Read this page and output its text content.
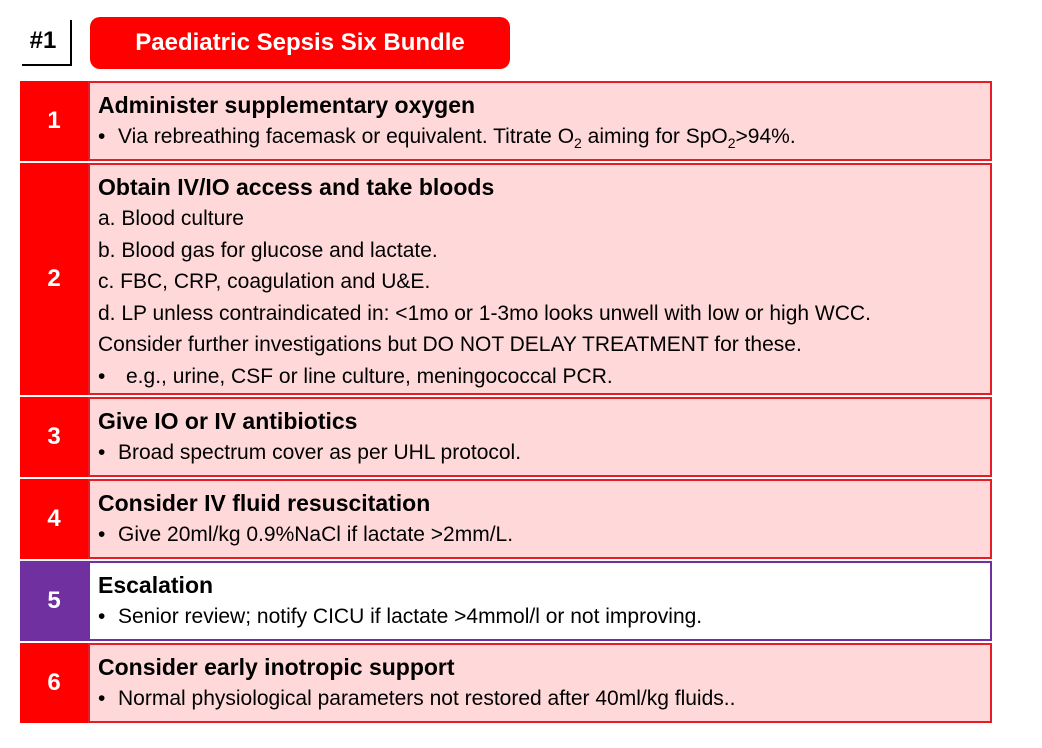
#1	Paediatric Sepsis Six Bundle
1
Administer supplementary oxygen
• Via rebreathing facemask or equivalent. Titrate $O_2$ aiming for SpO$_2$>94%.
2
Obtain IV/IO access and take bloods
a. Blood culture
b. Blood gas for glucose and lactate.
c. FBC, CRP, coagulation and U&E.
d. LP unless contraindicated in: <1mo or 1-3mo looks unwell with low or high WCC.
Consider further investigations but DO NOT DELAY TREATMENT for these.
• e.g., urine, CSF or line culture, meningococcal PCR.
3
Give IO or IV antibiotics
• Broad spectrum cover as per UHL protocol.
4
Consider IV fluid resuscitation
• Give 20ml/kg 0.9%NaCl if lactate >2mm/L.
5
Escalation
• Senior review; notify CICU if lactate >4mmol/l or not improving.
6
Consider early inotropic support
• Normal physiological parameters not restored after 40ml/kg fluids..
